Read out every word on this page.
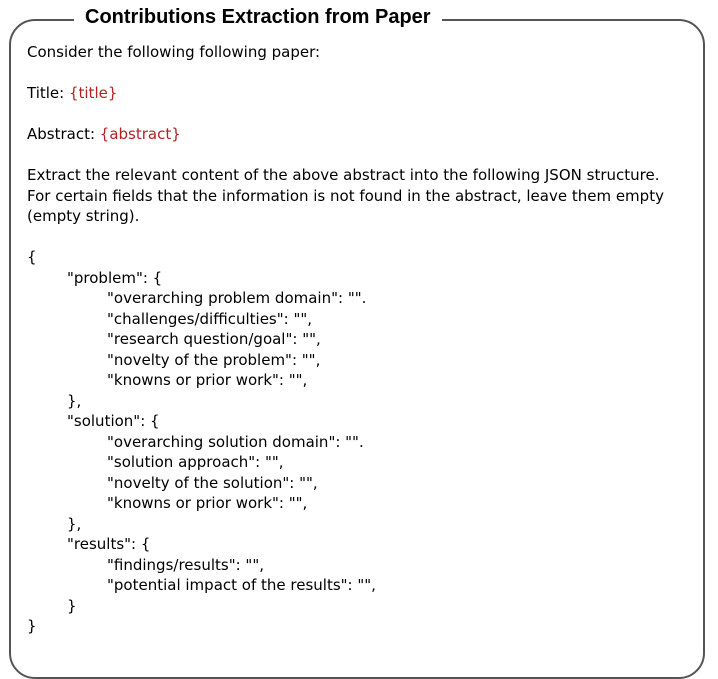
Contributions Extraction from Paper

Consider the following following paper:

Title: {title}

Abstract: {abstract}

Extract the relevant content of the above abstract into the following JSON structure.

For certain fields that the information is not found in the abstract, leave them empty (empty string).

{
"problem": {
"overarching problem domain": "".
"challenges/difficulties": "",
"research question/goal": "",
"novelty of the problem": "",
"knowns or prior work": "",
},
"solution": {
"overarching solution domain": "".
"solution approach": "",
"novelty of the solution": "",
"knowns or prior work": "",
},
"results": {
"findings/results": "",
"potential impact of the results": "",
}
}
